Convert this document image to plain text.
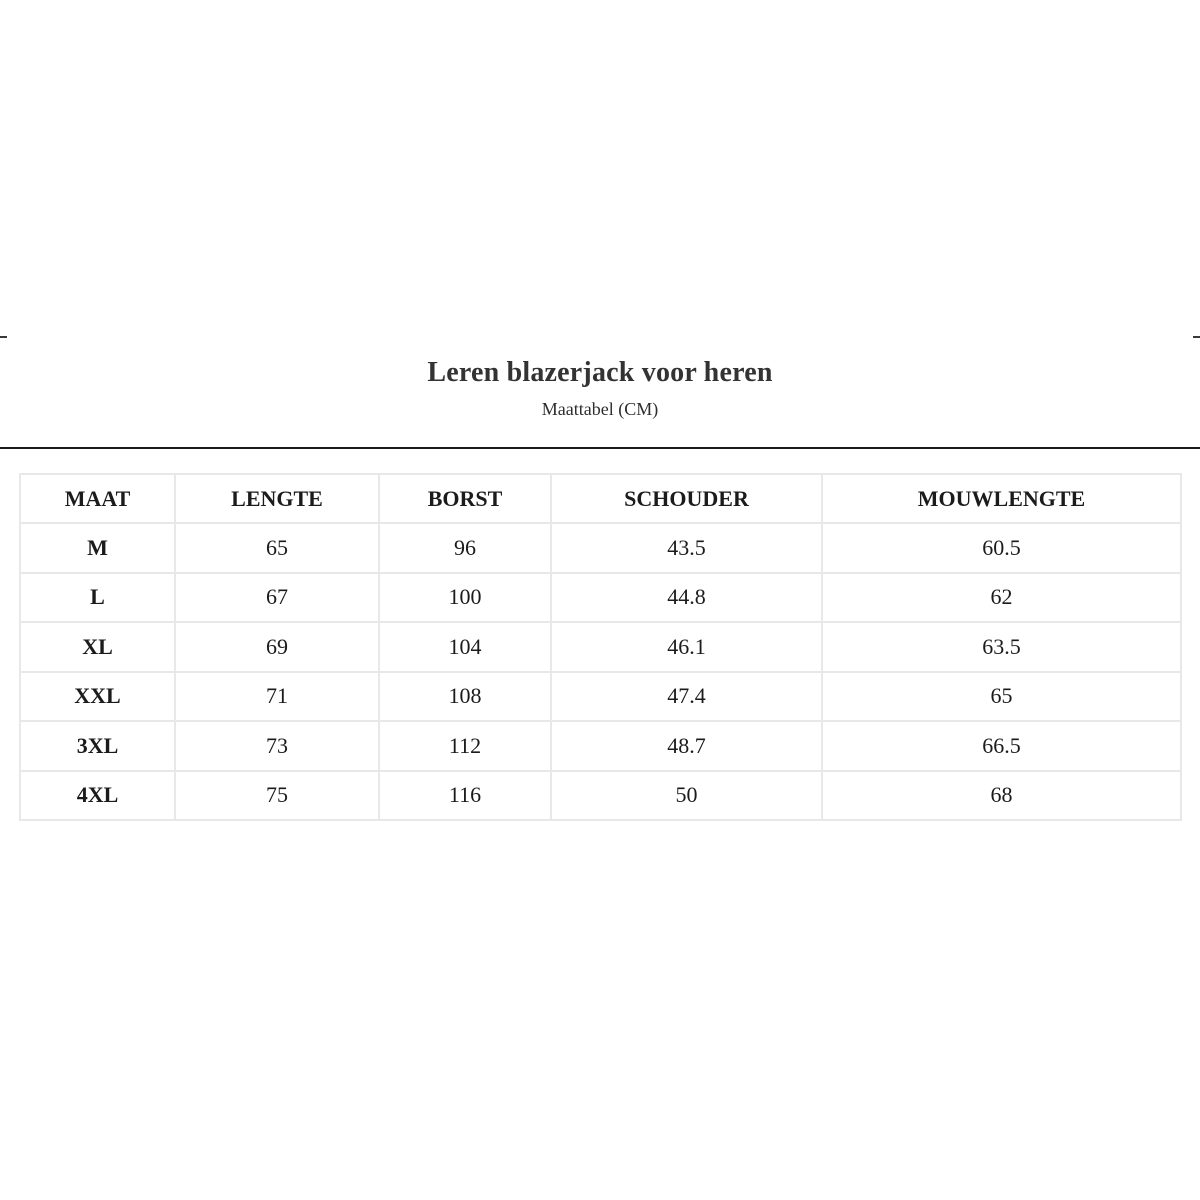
Leren blazerjack voor heren
Maattabel (CM)
MAAT	LENGTE	BORST	SCHOUDER	MOUWLENGTE
M	65	96	43.5	60.5
L	67	100	44.8	62
XL	69	104	46.1	63.5
XXL	71	108	47.4	65
3XL	73	112	48.7	66.5
4XL	75	116	50	68
